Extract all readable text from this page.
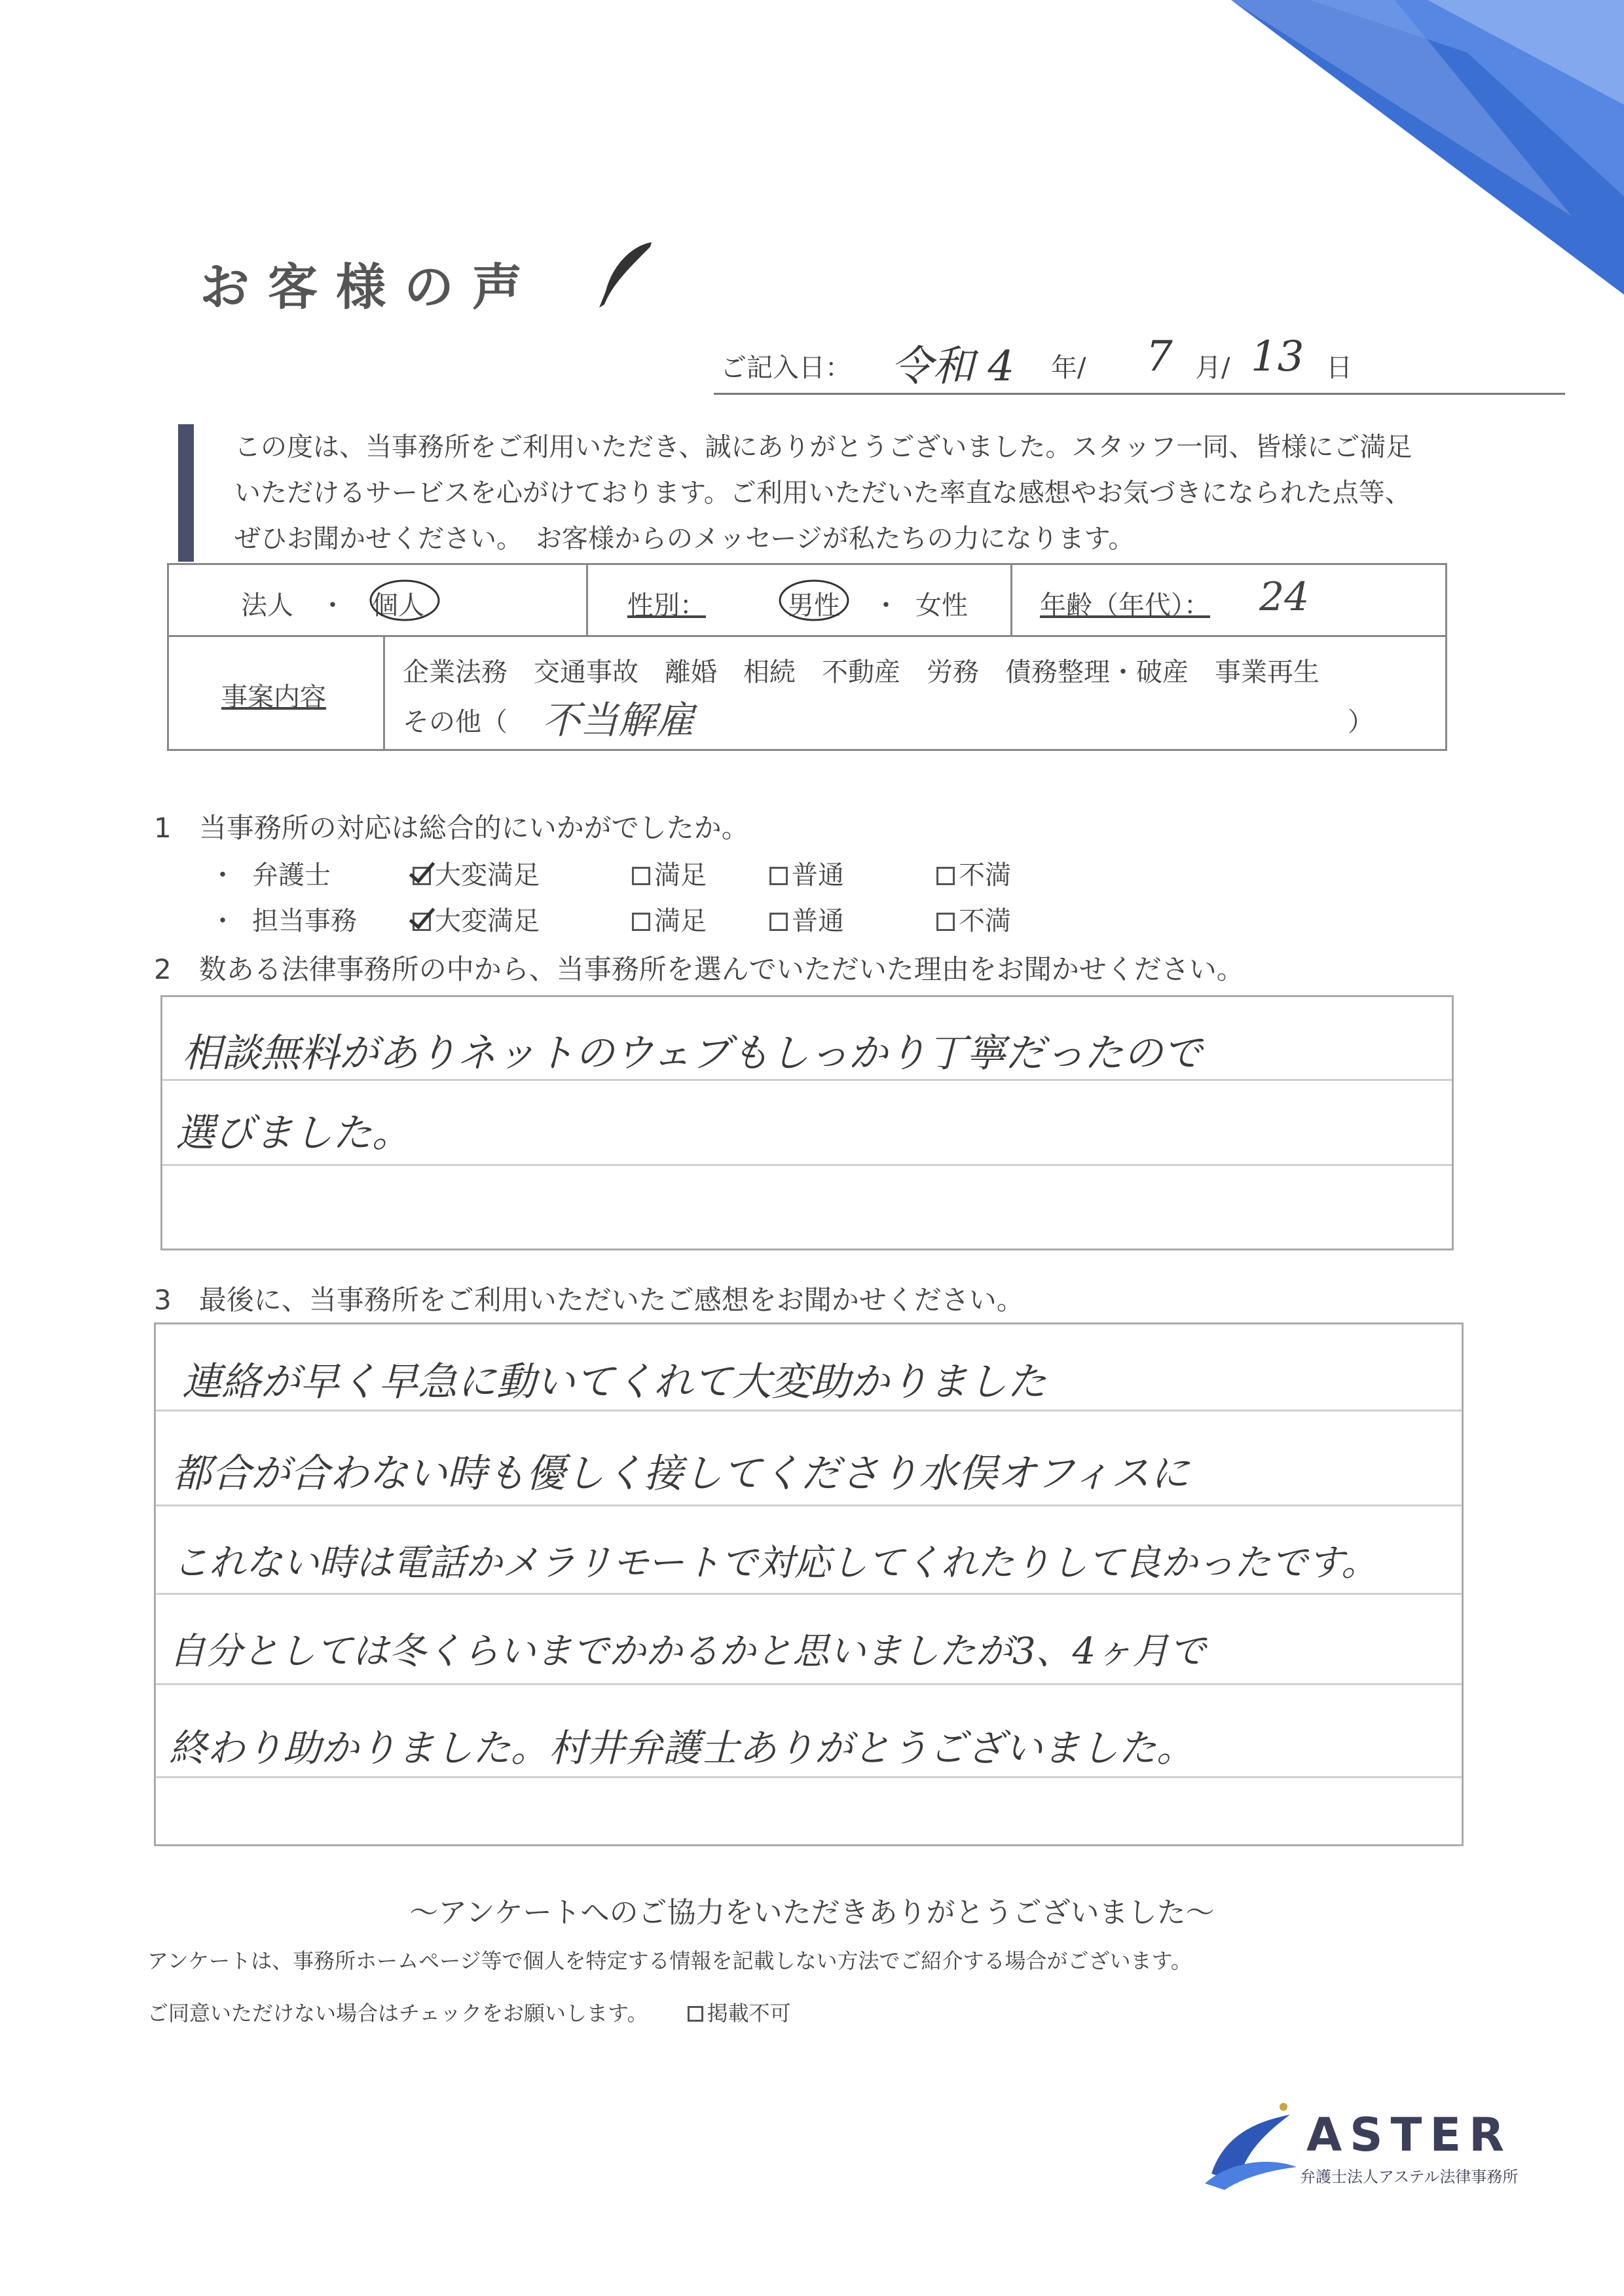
お客様の声
ご記入日： 令和 4 年/ 7 月/ 13 日
この度は、当事務所をご利用いただき、誠にありがとうございました。スタッフ一同、皆様にご満足
いただけるサービスを心がけております。ご利用いただいた率直な感想やお気づきになられた点等、
ぜひお聞かせください。　お客様からのメッセージが私たちの力になります。
法人　・　個人	性別：	男性 ・ 女性	年齢（年代）： 24
事案内容
企業法務　交通事故　離婚　相続　不動産　労務　債務整理・破産　事業再生
その他（ 不当解雇	）
1　当事務所の対応は総合的にいかがでしたか。
・ 弁護士	大変満足	満足	普通	不満
・ 担当事務	大変満足	満足	普通	不満
2　数ある法律事務所の中から、当事務所を選んでいただいた理由をお聞かせください。
相談無料がありネットのウェブもしっかり丁寧だったので
選びました。
3　最後に、当事務所をご利用いただいたご感想をお聞かせください。
連絡が早く早急に動いてくれて大変助かりました
都合が合わない時も優しく接してくださり水俣オフィスに
これない時は電話かメラリモートで対応してくれたりして良かったです。
自分としては冬くらいまでかかるかと思いましたが3、4ヶ月で
終わり助かりました。村井弁護士ありがとうございました。
〜アンケートへのご協力をいただきありがとうございました〜
アンケートは、事務所ホームページ等で個人を特定する情報を記載しない方法でご紹介する場合がございます。
ご同意いただけない場合はチェックをお願いします。	掲載不可
ASTER
弁護士法人アステル法律事務所
